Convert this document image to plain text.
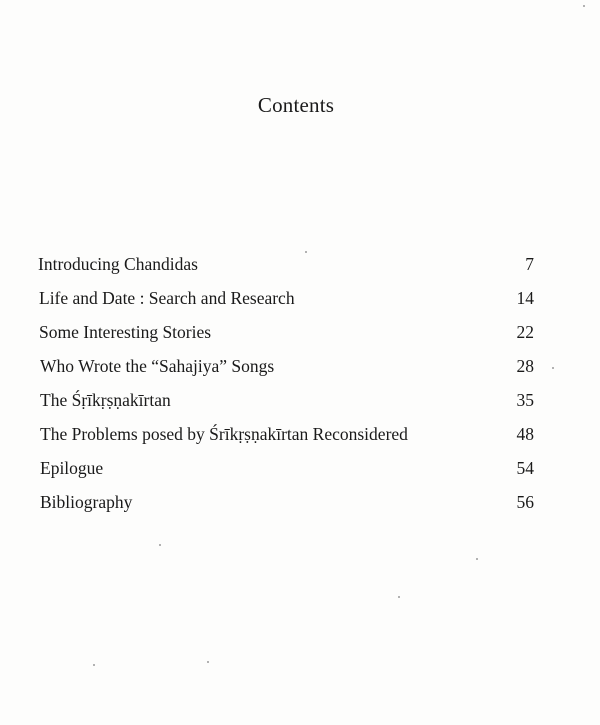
Contents
Introducing Chandidas	7
Life and Date : Search and Research	14
Some Interesting Stories	22
Who Wrote the “Sahajiya” Songs	28
The Śṛīkṛṣṇakīrtan	35
The Problems posed by Śrīkṛṣṇakīrtan Reconsidered	48
Epilogue	54
Bibliography	56
